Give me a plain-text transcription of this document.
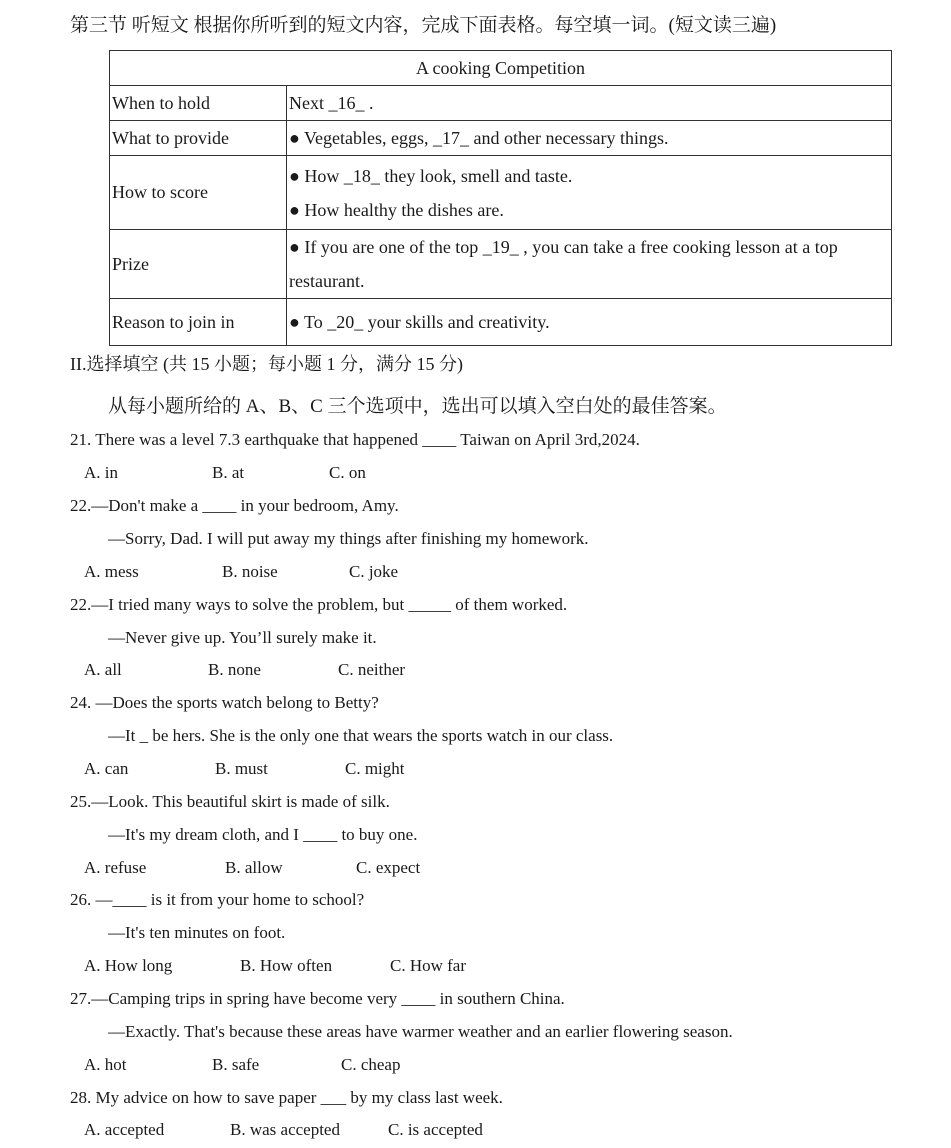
第三节 听短文 根据你所听到的短文内容，完成下面表格。每空填一词。(短文读三遍)
A cooking Competition	
When to hold	Next _16_ .
What to provide	● Vegetables, eggs, _17_ and other necessary things.
How to score	● How _18_ they look, smell and taste.
● How healthy the dishes are.

Prize	● If you are one of the top _19_ , you can take a free cooking lesson at a top restaurant.
Reason to join in	● To _20_ your skills and creativity.
II.选择填空 (共 15 小题；每小题 1 分，满分 15 分)
从每小题所给的 A、B、C 三个选项中，选出可以填入空白处的最佳答案。
21. There was a level 7.3 earthquake that happened ____ Taiwan on April 3rd,2024.
A. in	B. at	C. on
22.—Don't make a ____ in your bedroom, Amy.
—Sorry, Dad. I will put away my things after finishing my homework.
A. mess	B. noise	C. joke
22.—I tried many ways to solve the problem, but _____ of them worked.
—Never give up. You’ll surely make it.
A. all	B. none	C. neither
24. —Does the sports watch belong to Betty?
—It _ be hers. She is the only one that wears the sports watch in our class.
A. can	B. must	C. might
25.—Look. This beautiful skirt is made of silk.
—It's my dream cloth, and I ____ to buy one.
A. refuse	B. allow	C. expect
26. —____ is it from your home to school?
—It's ten minutes on foot.
A. How long	B. How often	C. How far
27.—Camping trips in spring have become very ____ in southern China.
—Exactly. That's because these areas have warmer weather and an earlier flowering season.
A. hot	B. safe	C. cheap
28. My advice on how to save paper ___ by my class last week.
A. accepted	B. was accepted	C. is accepted
